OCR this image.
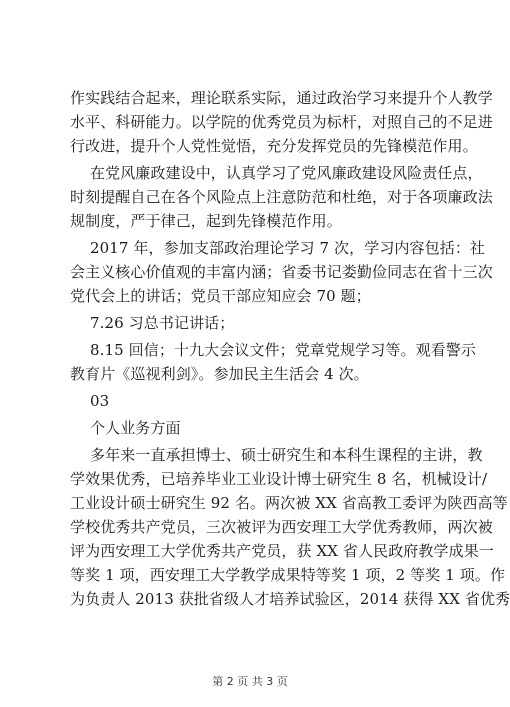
作实践结合起来，理论联系实际，通过政治学习来提升个人教学
水平、科研能力。以学院的优秀党员为标杆，对照自己的不足进
行改进，提升个人党性觉悟，充分发挥党员的先锋模范作用。
在党风廉政建设中，认真学习了党风廉政建设风险责任点，
时刻提醒自己在各个风险点上注意防范和杜绝，对于各项廉政法
规制度，严于律己，起到先锋模范作用。
2017 年，参加支部政治理论学习 7 次，学习内容包括：社
会主义核心价值观的丰富内涵；省委书记娄勤俭同志在省十三次
党代会上的讲话；党员干部应知应会 70 题；
7.26 习总书记讲话；
8.15 回信；十九大会议文件；党章党规学习等。观看警示
教育片《巡视利剑》。参加民主生活会 4 次。
03
个人业务方面
多年来一直承担博士、硕士研究生和本科生课程的主讲，教
学效果优秀，已培养毕业工业设计博士研究生 8 名，机械设计/
工业设计硕士研究生 92 名。两次被 XX 省高教工委评为陕西高等
学校优秀共产党员，三次被评为西安理工大学优秀教师，两次被
评为西安理工大学优秀共产党员，获 XX 省人民政府教学成果一
等奖 1 项，西安理工大学教学成果特等奖 1 项，2 等奖 1 项。作
为负责人 2013 获批省级人才培养试验区，2014 获得 XX 省优秀
第 2 页 共 3 页
